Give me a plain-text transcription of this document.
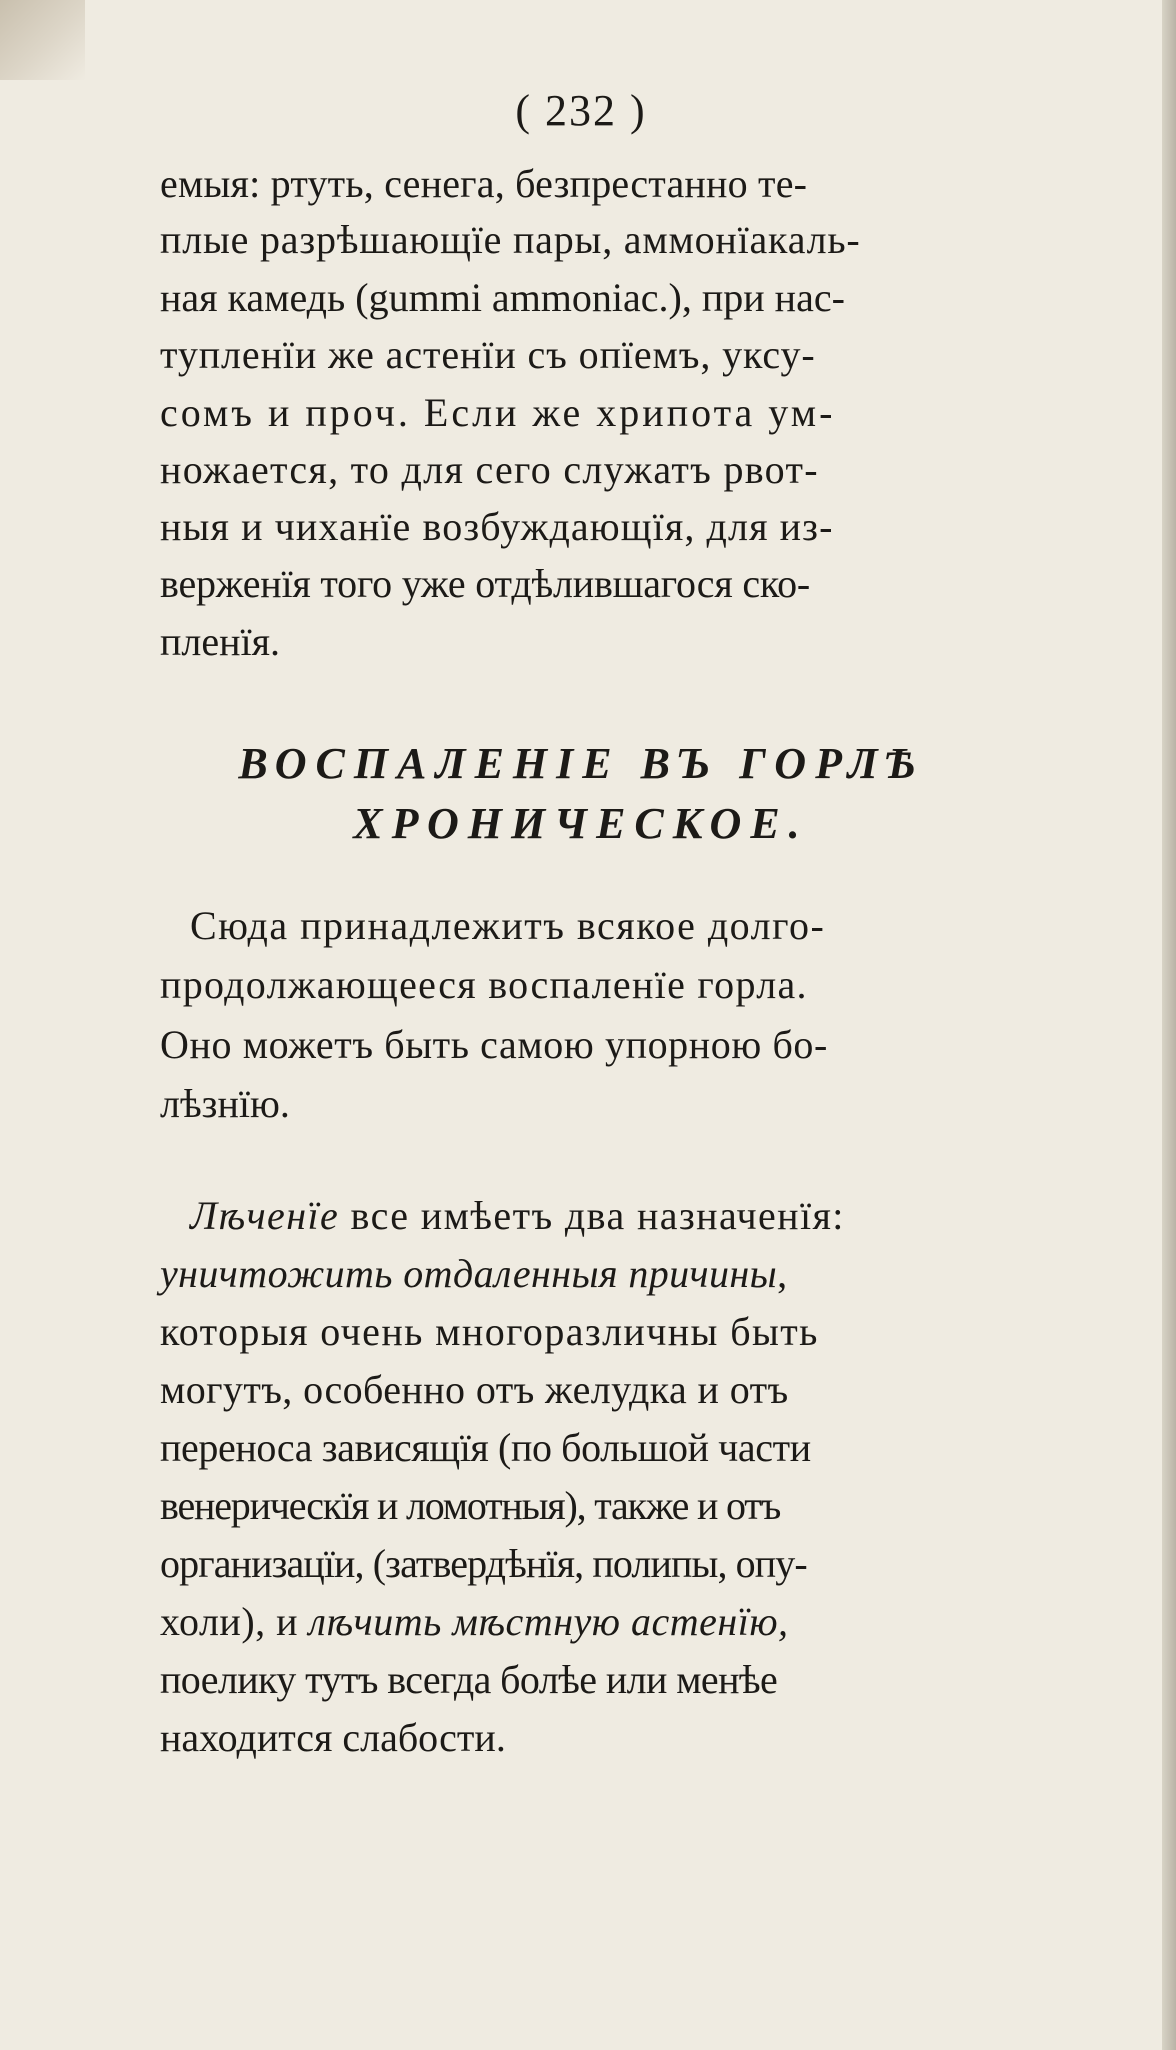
( 232 )

емыя: ртуть, сенега, безпрестанно те-

плые разрѣшающїе пары, аммонїакаль-

ная камедь (gummi ammoniac.), при нас-

тупленїи же астенїи съ опїемъ, уксу-

сомъ и проч. Если же хрипота ум-

ножается, то для сего служатъ рвот-

ныя и чиханїе возбуждающїя, для из-

верженїя того уже отдѣлившагося ско-

пленїя.

ВОСПАЛЕНІЕ ВЪ ГОРЛѢ
ХРОНИЧЕСКОЕ.

Сюда принадлежитъ всякое долго-

продолжающееся воспаленїе горла.

Оно можетъ быть самою упорною бо-

лѣзнїю.

Лѣченїе все имѣетъ два назначенїя:

уничтожить отдаленныя причины,

которыя очень многоразличны быть

могутъ, особенно отъ желудка и отъ

переноса зависящїя (по большой части

венерическїя и ломотныя), также и отъ

организацїи, (затвердѣнїя, полипы, опу-

холи), и лѣчить мѣстную астенїю,

поелику тутъ всегда болѣе или менѣе

находится слабости.
